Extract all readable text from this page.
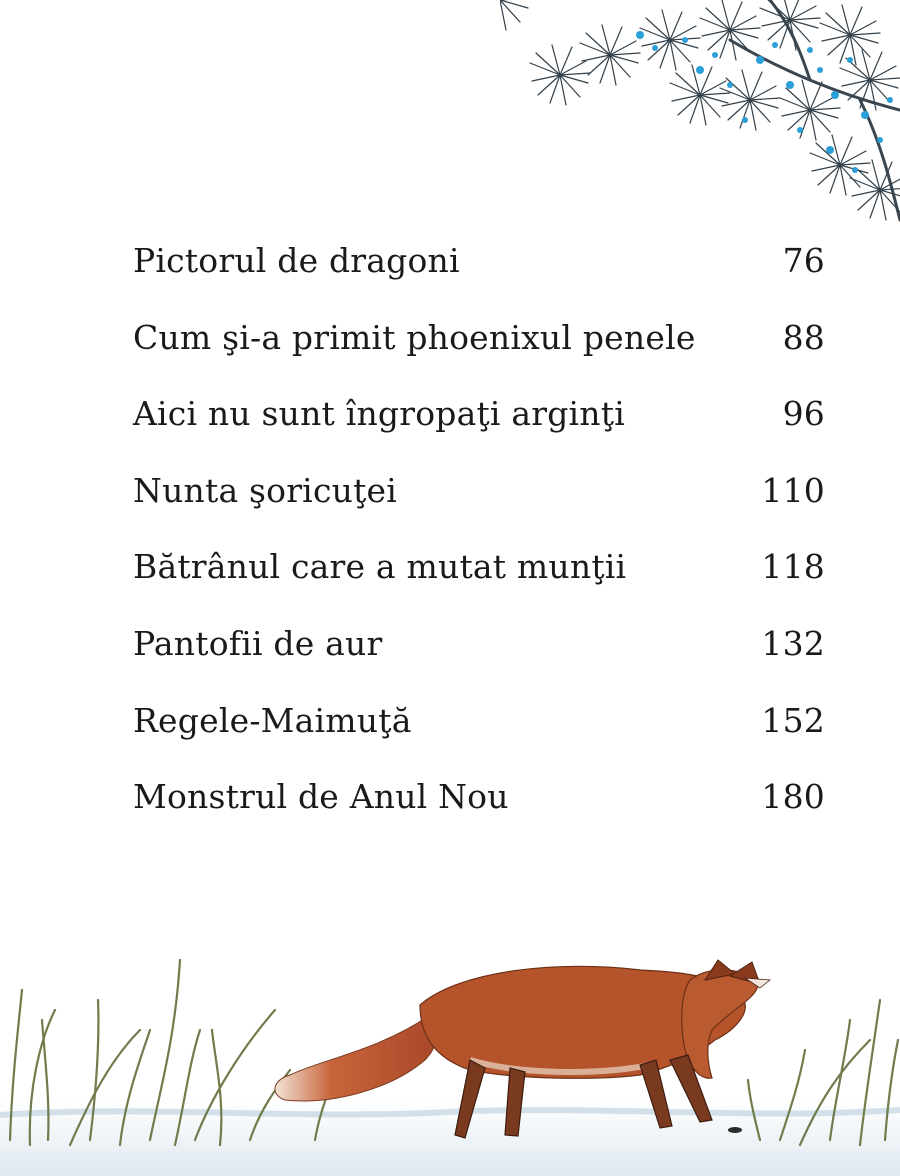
Pictorul de dragoni	76
Cum şi-a primit phoenixul penele	88
Aici nu sunt îngropaţi arginţi	96
Nunta şoricuţei	110
Bătrânul care a mutat munţii	118
Pantofii de aur	132
Regele-Maimuţă	152
Monstrul de Anul Nou	180
